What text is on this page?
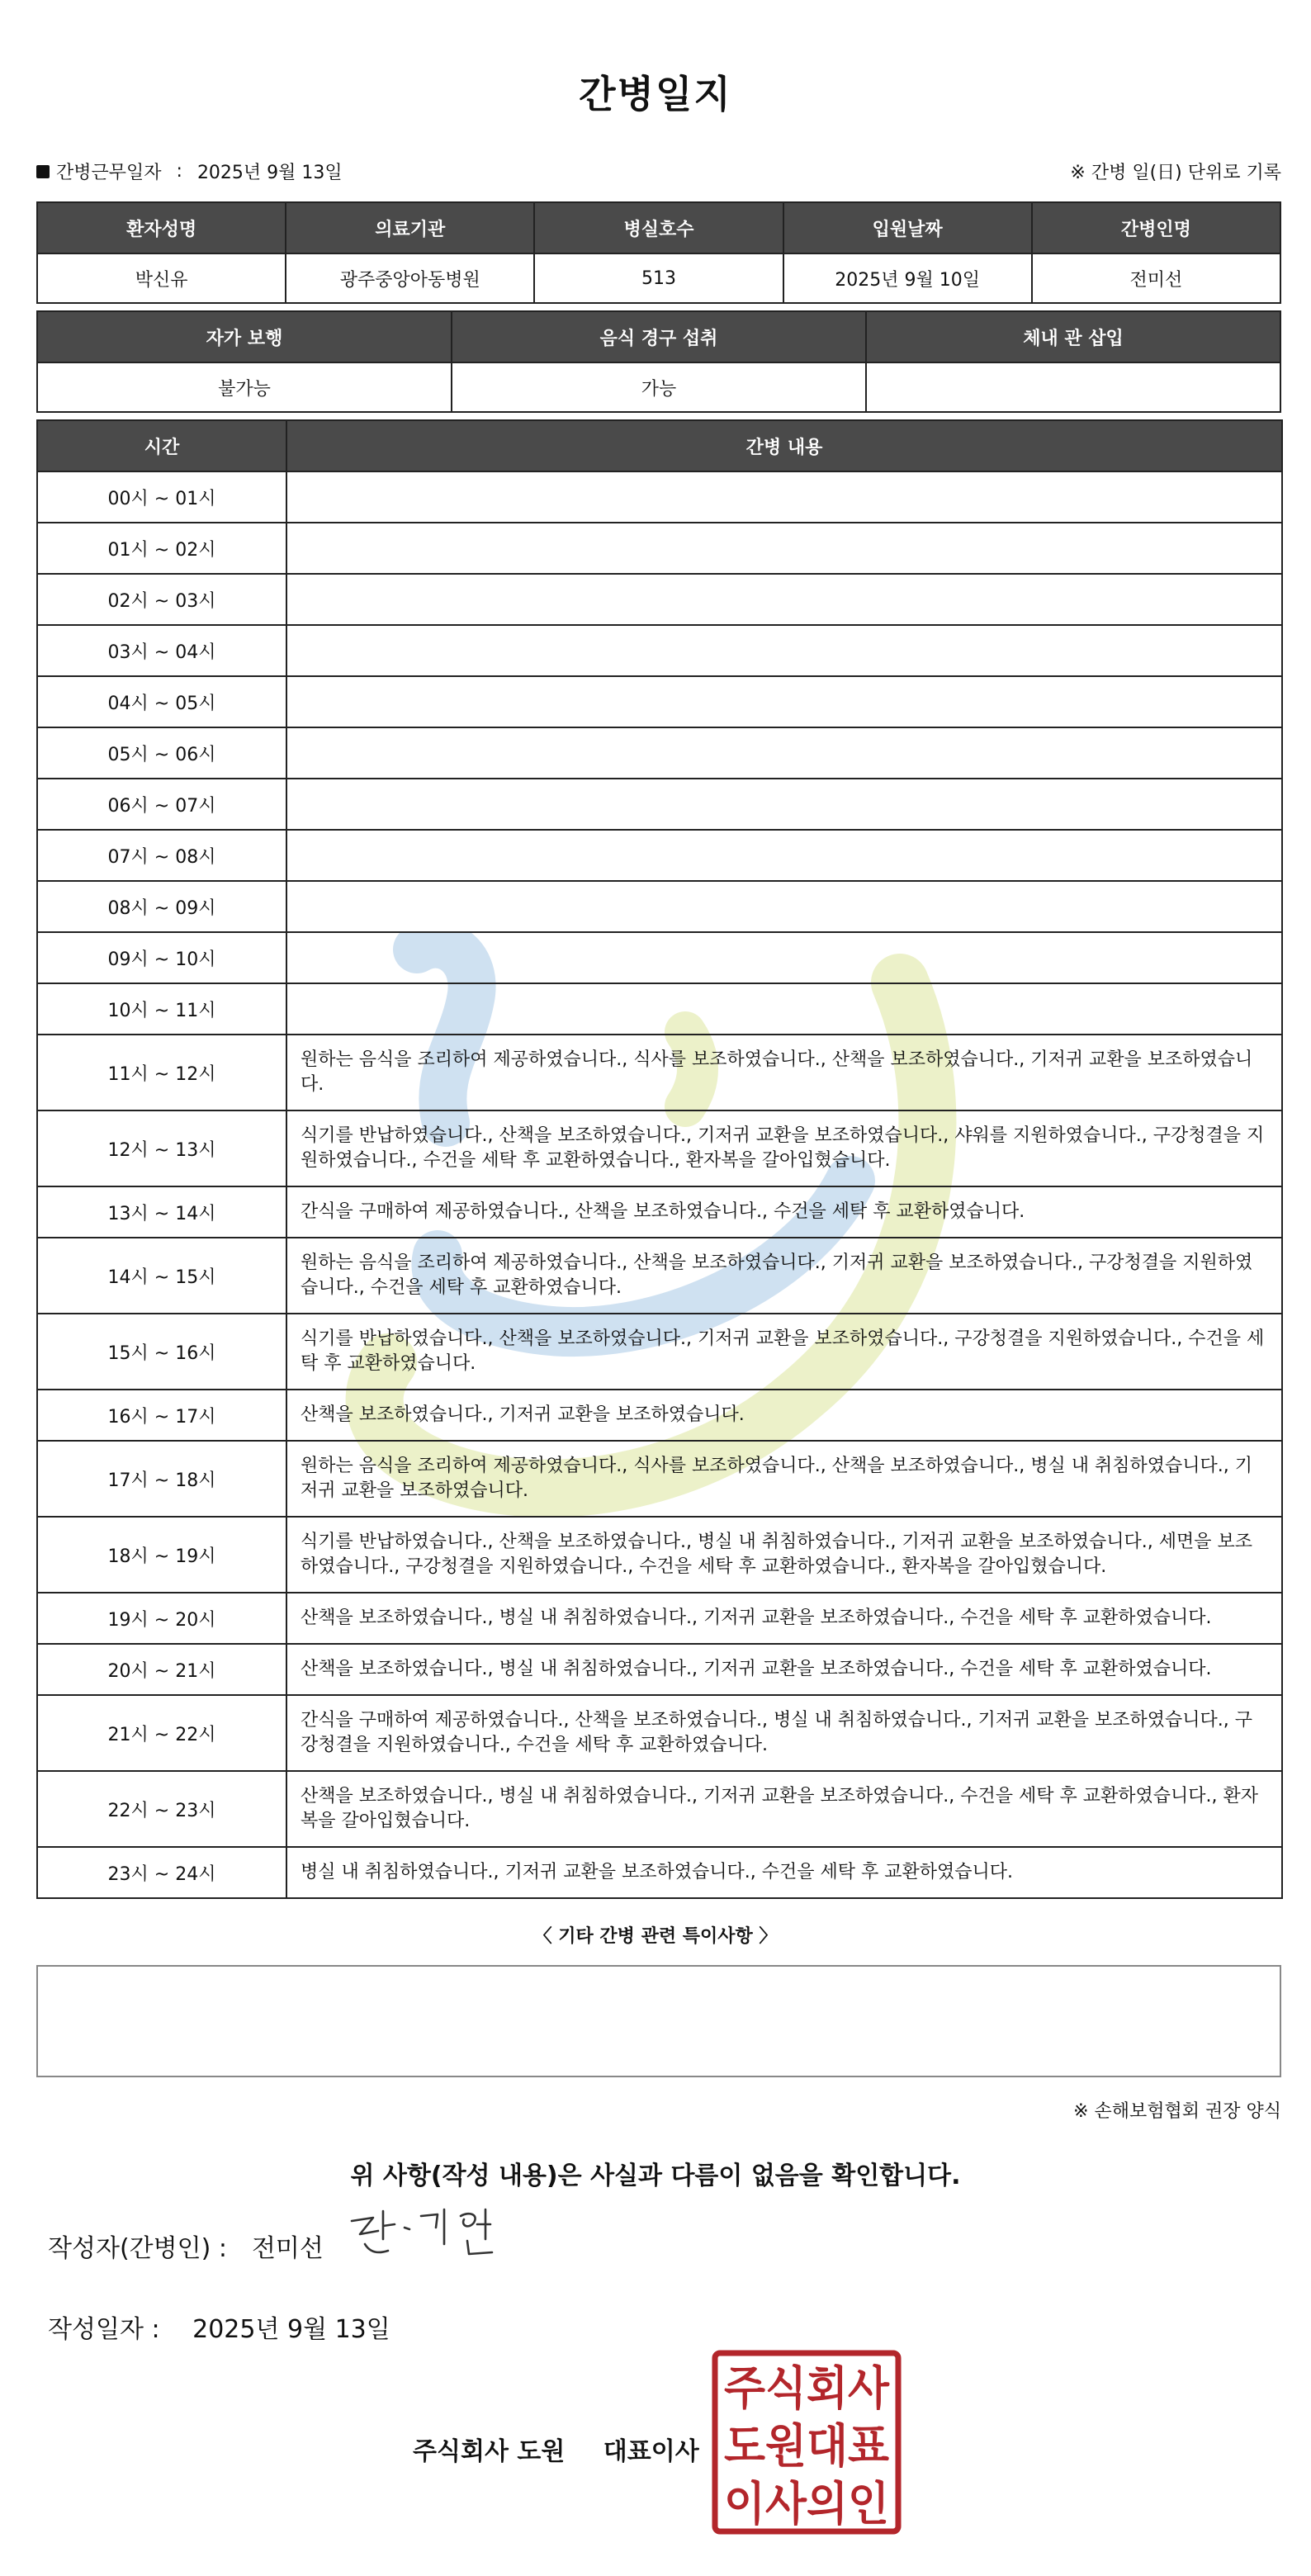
간병일지
간병근무일자 : 2025년 9월 13일	※ 간병 일(日) 단위로 기록
환자성명	의료기관	병실호수	입원날짜	간병인명
박신유	광주중앙아동병원	513	2025년 9월 10일	전미선
자가 보행	음식 경구 섭취	체내 관 삽입
불가능	가능	
시간	간병 내용
00시 ~ 01시	
01시 ~ 02시	
02시 ~ 03시	
03시 ~ 04시	
04시 ~ 05시	
05시 ~ 06시	
06시 ~ 07시	
07시 ~ 08시	
08시 ~ 09시	
09시 ~ 10시	
10시 ~ 11시	
11시 ~ 12시	원하는 음식을 조리하여 제공하였습니다., 식사를 보조하였습니다., 산책을 보조하였습니다., 기저귀 교환을 보조하였습니다.
12시 ~ 13시	식기를 반납하였습니다., 산책을 보조하였습니다., 기저귀 교환을 보조하였습니다., 샤워를 지원하였습니다., 구강청결을 지원하였습니다., 수건을 세탁 후 교환하였습니다., 환자복을 갈아입혔습니다.
13시 ~ 14시	간식을 구매하여 제공하였습니다., 산책을 보조하였습니다., 수건을 세탁 후 교환하였습니다.
14시 ~ 15시	원하는 음식을 조리하여 제공하였습니다., 산책을 보조하였습니다., 기저귀 교환을 보조하였습니다., 구강청결을 지원하였습니다., 수건을 세탁 후 교환하였습니다.
15시 ~ 16시	식기를 반납하였습니다., 산책을 보조하였습니다., 기저귀 교환을 보조하였습니다., 구강청결을 지원하였습니다., 수건을 세탁 후 교환하였습니다.
16시 ~ 17시	산책을 보조하였습니다., 기저귀 교환을 보조하였습니다.
17시 ~ 18시	원하는 음식을 조리하여 제공하였습니다., 식사를 보조하였습니다., 산책을 보조하였습니다., 병실 내 취침하였습니다., 기저귀 교환을 보조하였습니다.
18시 ~ 19시	식기를 반납하였습니다., 산책을 보조하였습니다., 병실 내 취침하였습니다., 기저귀 교환을 보조하였습니다., 세면을 보조하였습니다., 구강청결을 지원하였습니다., 수건을 세탁 후 교환하였습니다., 환자복을 갈아입혔습니다.
19시 ~ 20시	산책을 보조하였습니다., 병실 내 취침하였습니다., 기저귀 교환을 보조하였습니다., 수건을 세탁 후 교환하였습니다.
20시 ~ 21시	산책을 보조하였습니다., 병실 내 취침하였습니다., 기저귀 교환을 보조하였습니다., 수건을 세탁 후 교환하였습니다.
21시 ~ 22시	간식을 구매하여 제공하였습니다., 산책을 보조하였습니다., 병실 내 취침하였습니다., 기저귀 교환을 보조하였습니다., 구강청결을 지원하였습니다., 수건을 세탁 후 교환하였습니다.
22시 ~ 23시	산책을 보조하였습니다., 병실 내 취침하였습니다., 기저귀 교환을 보조하였습니다., 수건을 세탁 후 교환하였습니다., 환자복을 갈아입혔습니다.
23시 ~ 24시	병실 내 취침하였습니다., 기저귀 교환을 보조하였습니다., 수건을 세탁 후 교환하였습니다.
〈 기타 간병 관련 특이사항 〉
※ 손해보험협회 권장 양식
위 사항(작성 내용)은 사실과 다름이 없음을 확인합니다.
작성자(간병인) : 전미선
작성일자 : 2025년 9월 13일
주식회사 도원 대표이사
주식회사
도원대표
이사의인
